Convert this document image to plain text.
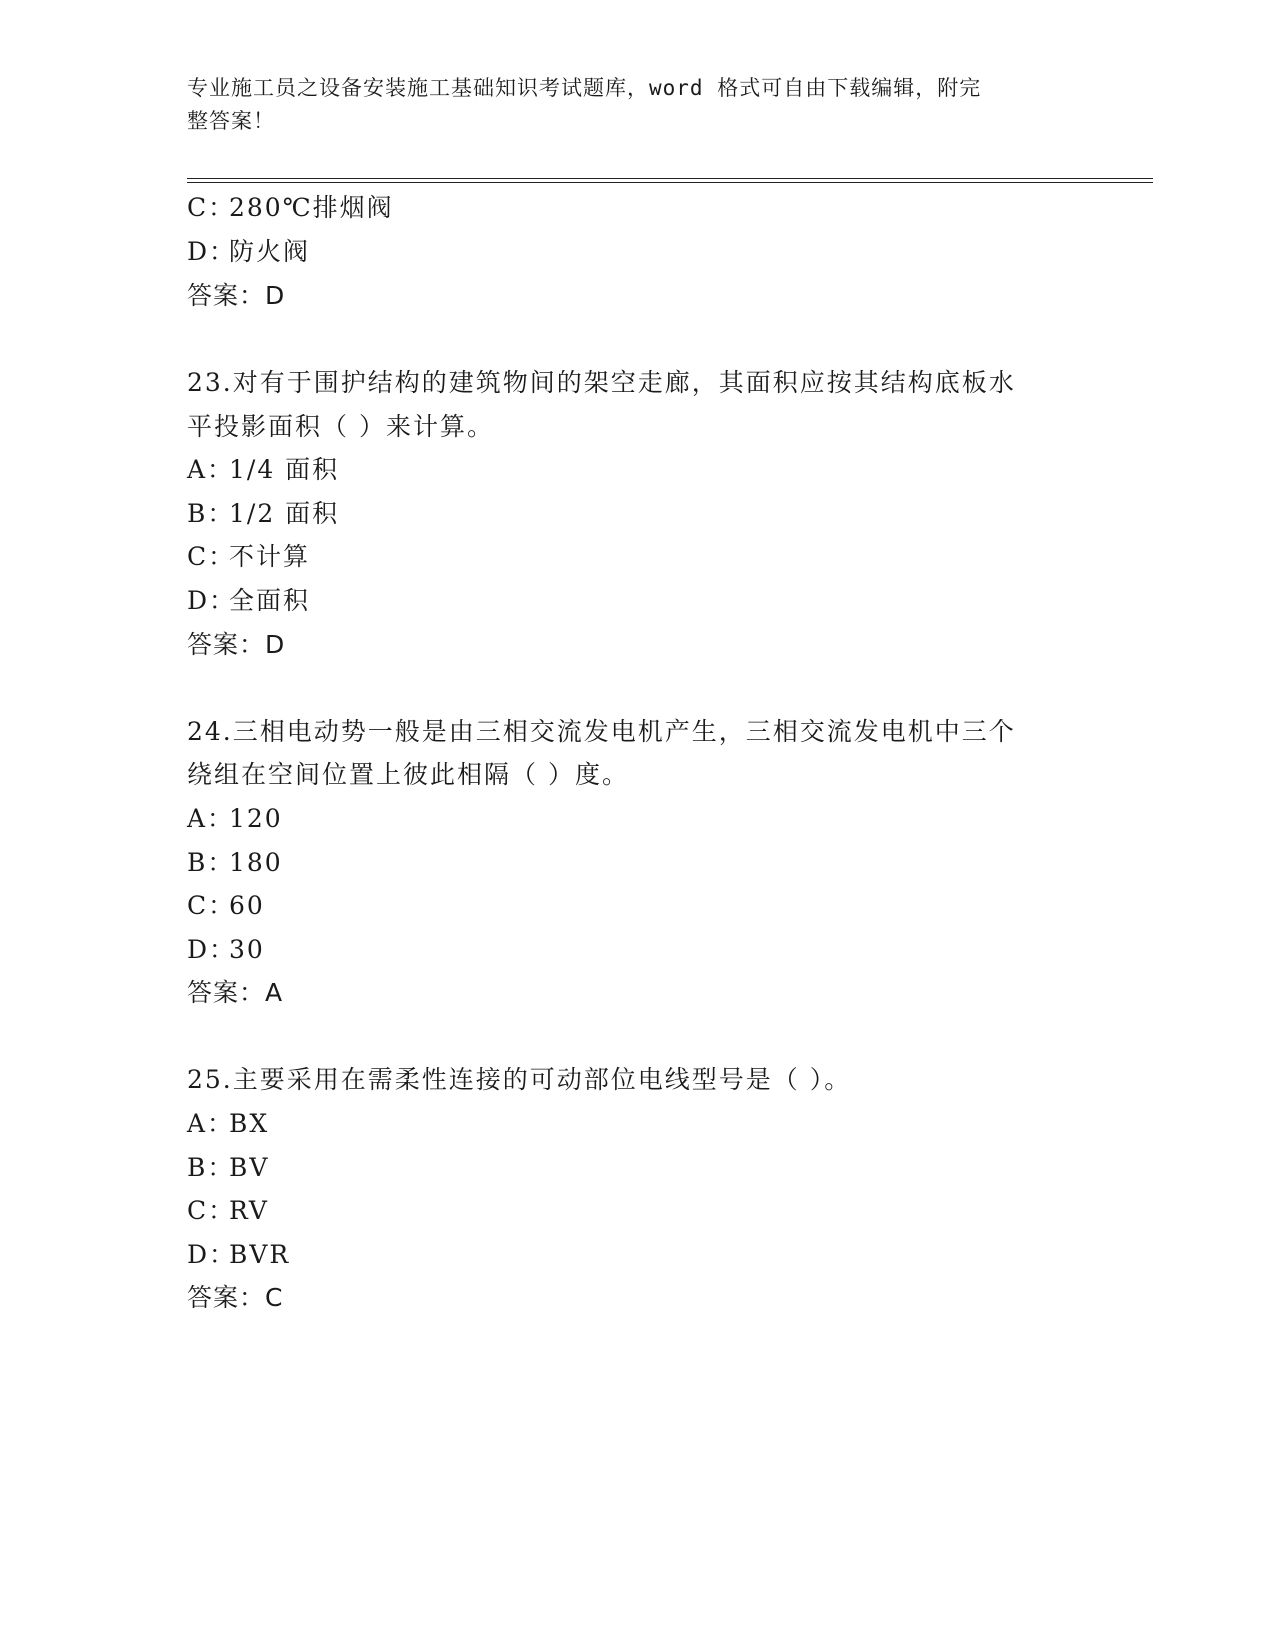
专业施工员之设备安装施工基础知识考试题库，word 格式可自由下载编辑，附完
整答案！
C：280℃排烟阀
D：防火阀
答案：D
23.对有于围护结构的建筑物间的架空走廊，其面积应按其结构底板水
平投影面积（ ）来计算。
A：1/4 面积
B：1/2 面积
C：不计算
D：全面积
答案：D
24.三相电动势一般是由三相交流发电机产生，三相交流发电机中三个
绕组在空间位置上彼此相隔（ ）度。
A：120
B：180
C：60
D：30
答案：A
25.主要采用在需柔性连接的可动部位电线型号是（ ）。
A：BX
B：BV
C：RV
D：BVR
答案：C
